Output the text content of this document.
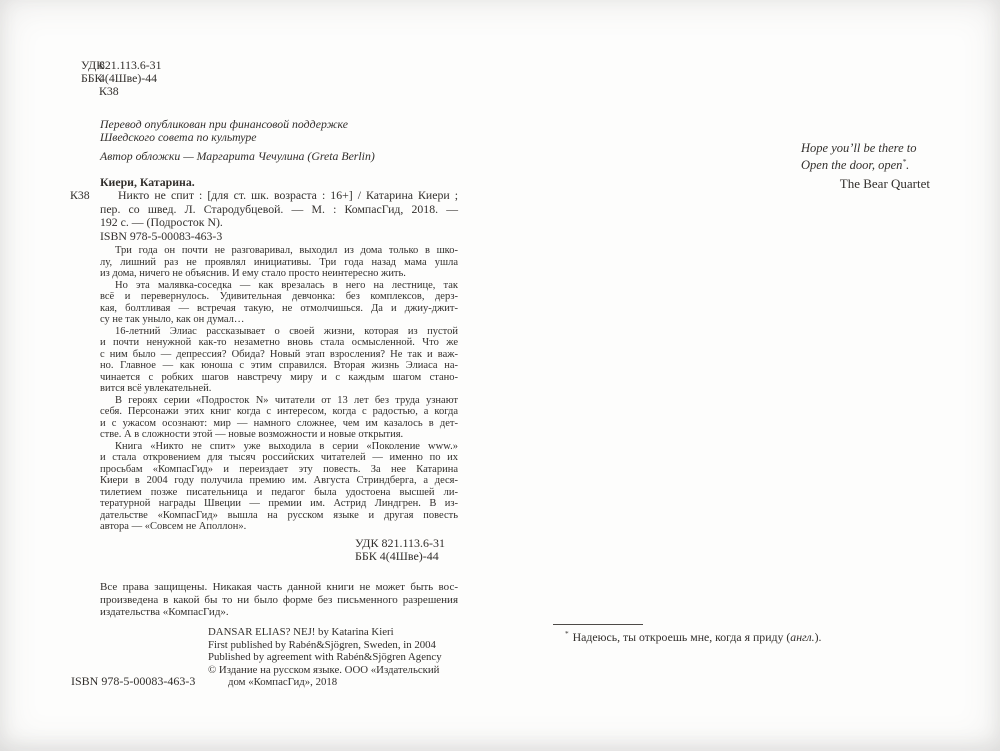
УДК821.113.6-31
ББК4(4Шве)-44
К38
Перевод опубликован при финансовой поддержке
Шведского совета по культуре
Автор обложки — Маргарита Чечулина (Greta Berlin)
Киери, Катарина.
К38	Никто не спит : [для ст. шк. возраста : 16+] / Катарина Киери ;
пер. со швед. Л. Стародубцевой. — М. : КомпасГид, 2018. —
192 с. — (Подросток N).
ISBN 978-5-00083-463-3
Три года он почти не разговаривал, выходил из дома только в шко-
лу, лишний раз не проявлял инициативы. Три года назад мама ушла
из дома, ничего не объяснив. И ему стало просто неинтересно жить.
Но эта малявка-соседка — как врезалась в него на лестнице, так
всё и перевернулось. Удивительная девчонка: без комплексов, дерз-
кая, болтливая — встречая такую, не отмолчишься. Да и джиу-джит-
су не так уныло, как он думал…
16-летний Элиас рассказывает о своей жизни, которая из пустой
и почти ненужной как-то незаметно вновь стала осмысленной. Что же
с ним было — депрессия? Обида? Новый этап взросления? Не так и важ-
но. Главное — как юноша с этим справился. Вторая жизнь Элиаса на-
чинается с робких шагов навстречу миру и с каждым шагом стано-
вится всё увлекательней.
В героях серии «Подросток N» читатели от 13 лет без труда узнают
себя. Персонажи этих книг когда с интересом, когда с радостью, а когда
и с ужасом осознают: мир — намного сложнее, чем им казалось в дет-
стве. А в сложности этой — новые возможности и новые открытия.
Книга «Никто не спит» уже выходила в серии «Поколение www.»
и стала откровением для тысяч российских читателей — именно по их
просьбам «КомпасГид» и переиздает эту повесть. За нее Катарина
Киери в 2004 году получила премию им. Августа Стриндберга, а деся-
тилетием позже писательница и педагог была удостоена высшей ли-
тературной награды Швеции — премии им. Астрид Линдгрен. В из-
дательстве «КомпасГид» вышла на русском языке и другая повесть
автора — «Совсем не Аполлон».
УДК 821.113.6-31
ББК 4(4Шве)-44
Все права защищены. Никакая часть данной книги не может быть вос-
произведена в какой бы то ни было форме без письменного разрешения
издательства «КомпасГид».
DANSAR ELIAS? NEJ! by Katarina Kieri
First published by Rabén&Sjögren, Sweden, in 2004
Published by agreement with Rabén&Sjögren Agency
© Издание на русском языке. ООО «Издательский
дом «КомпасГид», 2018
ISBN 978-5-00083-463-3
Hope you’ll be there to
Open the door, open*.
The Bear Quartet
* Надеюсь, ты откроешь мне, когда я приду (англ.).
